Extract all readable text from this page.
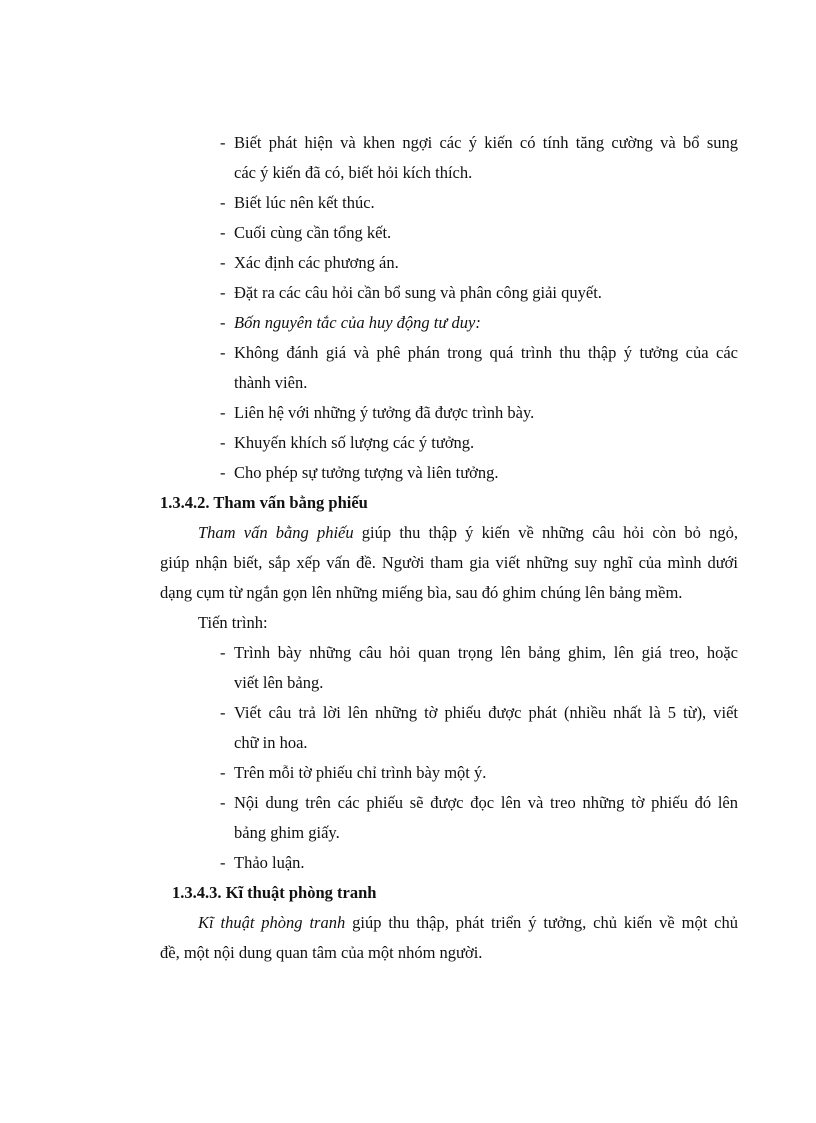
- Biết phát hiện và khen ngợi các ý kiến có tính tăng cường và bổ sung
các ý kiến đã có, biết hỏi kích thích.
- Biết lúc nên kết thúc.
- Cuối cùng cần tổng kết.
- Xác định các phương án.
- Đặt ra các câu hỏi cần bổ sung và phân công giải quyết.
- Bốn nguyên tắc của huy động tư duy:
- Không đánh giá và phê phán trong quá trình thu thập ý tưởng của các
thành viên.
- Liên hệ với những ý tưởng đã được trình bày.
- Khuyến khích số lượng các ý tưởng.
- Cho phép sự tưởng tượng và liên tưởng.
1.3.4.2. Tham vấn bằng phiếu
Tham vấn bằng phiếu giúp thu thập ý kiến về những câu hỏi còn bỏ ngỏ,
giúp nhận biết, sắp xếp vấn đề. Người tham gia viết những suy nghĩ của mình dưới
dạng cụm từ ngắn gọn lên những miếng bìa, sau đó ghim chúng lên bảng mềm.
Tiến trình:
- Trình bày những câu hỏi quan trọng lên bảng ghim, lên giá treo, hoặc
viết lên bảng.
- Viết câu trả lời lên những tờ phiếu được phát (nhiều nhất là 5 từ), viết
chữ in hoa.
- Trên mỗi tờ phiếu chỉ trình bày một ý.
- Nội dung trên các phiếu sẽ được đọc lên và treo những tờ phiếu đó lên
bảng ghim giấy.
- Thảo luận.
1.3.4.3. Kĩ thuật phòng tranh
Kĩ thuật phòng tranh giúp thu thập, phát triển ý tưởng, chủ kiến về một chủ
đề, một nội dung quan tâm của một nhóm người.
